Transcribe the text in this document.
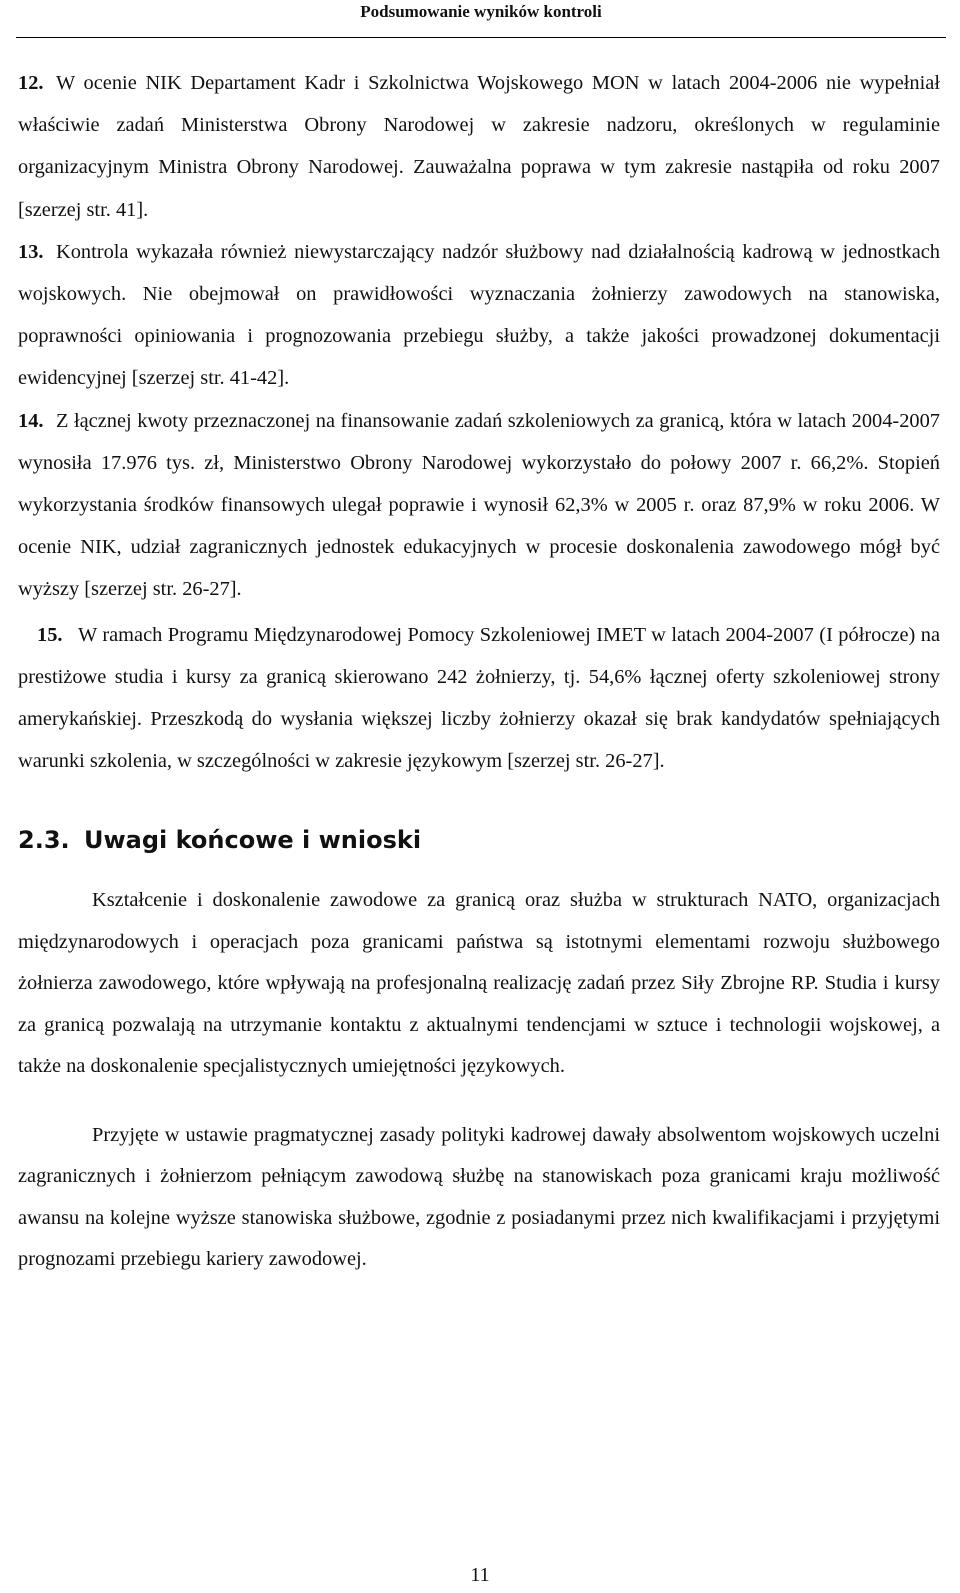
Podsumowanie wyników kontroli

12. W ocenie NIK Departament Kadr i Szkolnictwa Wojskowego MON w latach 2004-2006 nie wypełniał właściwie zadań Ministerstwa Obrony Narodowej w zakresie nadzoru, określonych w regulaminie organizacyjnym Ministra Obrony Narodowej. Zauważalna poprawa w tym zakresie nastąpiła od roku 2007 [szerzej str. 41].

13. Kontrola wykazała również niewystarczający nadzór służbowy nad działalnością kadrową w jednostkach wojskowych. Nie obejmował on prawidłowości wyznaczania żołnierzy zawodowych na stanowiska, poprawności opiniowania i prognozowania przebiegu służby, a także jakości prowadzonej dokumentacji ewidencyjnej [szerzej str. 41-42].

14. Z łącznej kwoty przeznaczonej na finansowanie zadań szkoleniowych za granicą, która w latach 2004-2007 wynosiła 17.976 tys. zł, Ministerstwo Obrony Narodowej wykorzystało do połowy 2007 r. 66,2%. Stopień wykorzystania środków finansowych ulegał poprawie i wynosił 62,3% w 2005 r. oraz 87,9% w roku 2006. W ocenie NIK, udział zagranicznych jednostek edukacyjnych w procesie doskonalenia zawodowego mógł być wyższy [szerzej str. 26-27].

15. W ramach Programu Międzynarodowej Pomocy Szkoleniowej IMET w latach 2004-2007 (I półrocze) na prestiżowe studia i kursy za granicą skierowano 242 żołnierzy, tj. 54,6% łącznej oferty szkoleniowej strony amerykańskiej. Przeszkodą do wysłania większej liczby żołnierzy okazał się brak kandydatów spełniających warunki szkolenia, w szczególności w zakresie językowym [szerzej str. 26-27].

2.3. Uwagi końcowe i wnioski

Kształcenie i doskonalenie zawodowe za granicą oraz służba w strukturach NATO, organizacjach międzynarodowych i operacjach poza granicami państwa są istotnymi elementami rozwoju służbowego żołnierza zawodowego, które wpływają na profesjonalną realizację zadań przez Siły Zbrojne RP. Studia i kursy za granicą pozwalają na utrzymanie kontaktu z aktualnymi tendencjami w sztuce i technologii wojskowej, a także na doskonalenie specjalistycznych umiejętności językowych.

Przyjęte w ustawie pragmatycznej zasady polityki kadrowej dawały absolwentom wojskowych uczelni zagranicznych i żołnierzom pełniącym zawodową służbę na stanowiskach poza granicami kraju możliwość awansu na kolejne wyższe stanowiska służbowe, zgodnie z posiadanymi przez nich kwalifikacjami i przyjętymi prognozami przebiegu kariery zawodowej.

11
